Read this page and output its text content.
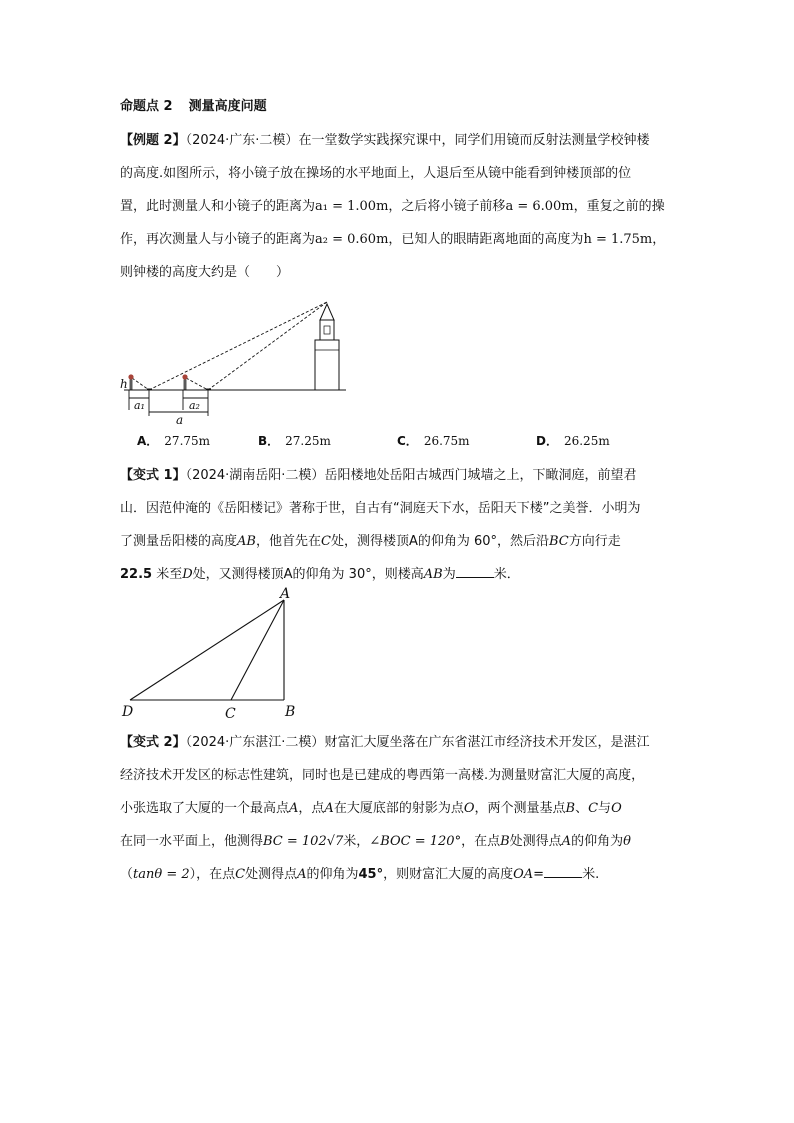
命题点 2 测量高度问题
【例题 2】（2024·广东·二模）在一堂数学实践探究课中，同学们用镜而反射法测量学校钟楼
的高度.如图所示，将小镜子放在操场的水平地面上，人退后至从镜中能看到钟楼顶部的位
置，此时测量人和小镜子的距离为a₁ = 1.00m，之后将小镜子前移a = 6.00m，重复之前的操
作，再次测量人与小镜子的距离为a₂ = 0.60m，已知人的眼睛距离地面的高度为h = 1.75m，
则钟楼的高度大约是（　　）
h
a₁	a₂
a
A． 27.75m	B． 27.25m	C． 26.75m	D． 26.25m
【变式 1】（2024·湖南岳阳·二模）岳阳楼地处岳阳古城西门城墙之上，下瞰洞庭，前望君
山．因范仲淹的《岳阳楼记》著称于世，自古有“洞庭天下水，岳阳天下楼”之美誉．小明为
了测量岳阳楼的高度AB，他首先在C处，测得楼顶A的仰角为 60°，然后沿BC方向行走
22.5 米至D处，又测得楼顶A的仰角为 30°，则楼高AB为	米．
A
B
C
D
【变式 2】（2024·广东湛江·二模）财富汇大厦坐落在广东省湛江市经济技术开发区，是湛江
经济技术开发区的标志性建筑，同时也是已建成的粤西第一高楼.为测量财富汇大厦的高度，
小张选取了大厦的一个最高点A，点A在大厦底部的射影为点O，两个测量基点B、C与O
在同一水平面上，他测得BC = 102√7米，∠BOC = 120°，在点B处测得点A的仰角为θ
（tanθ = 2），在点C处测得点A的仰角为45°，则财富汇大厦的高度OA=	米.
